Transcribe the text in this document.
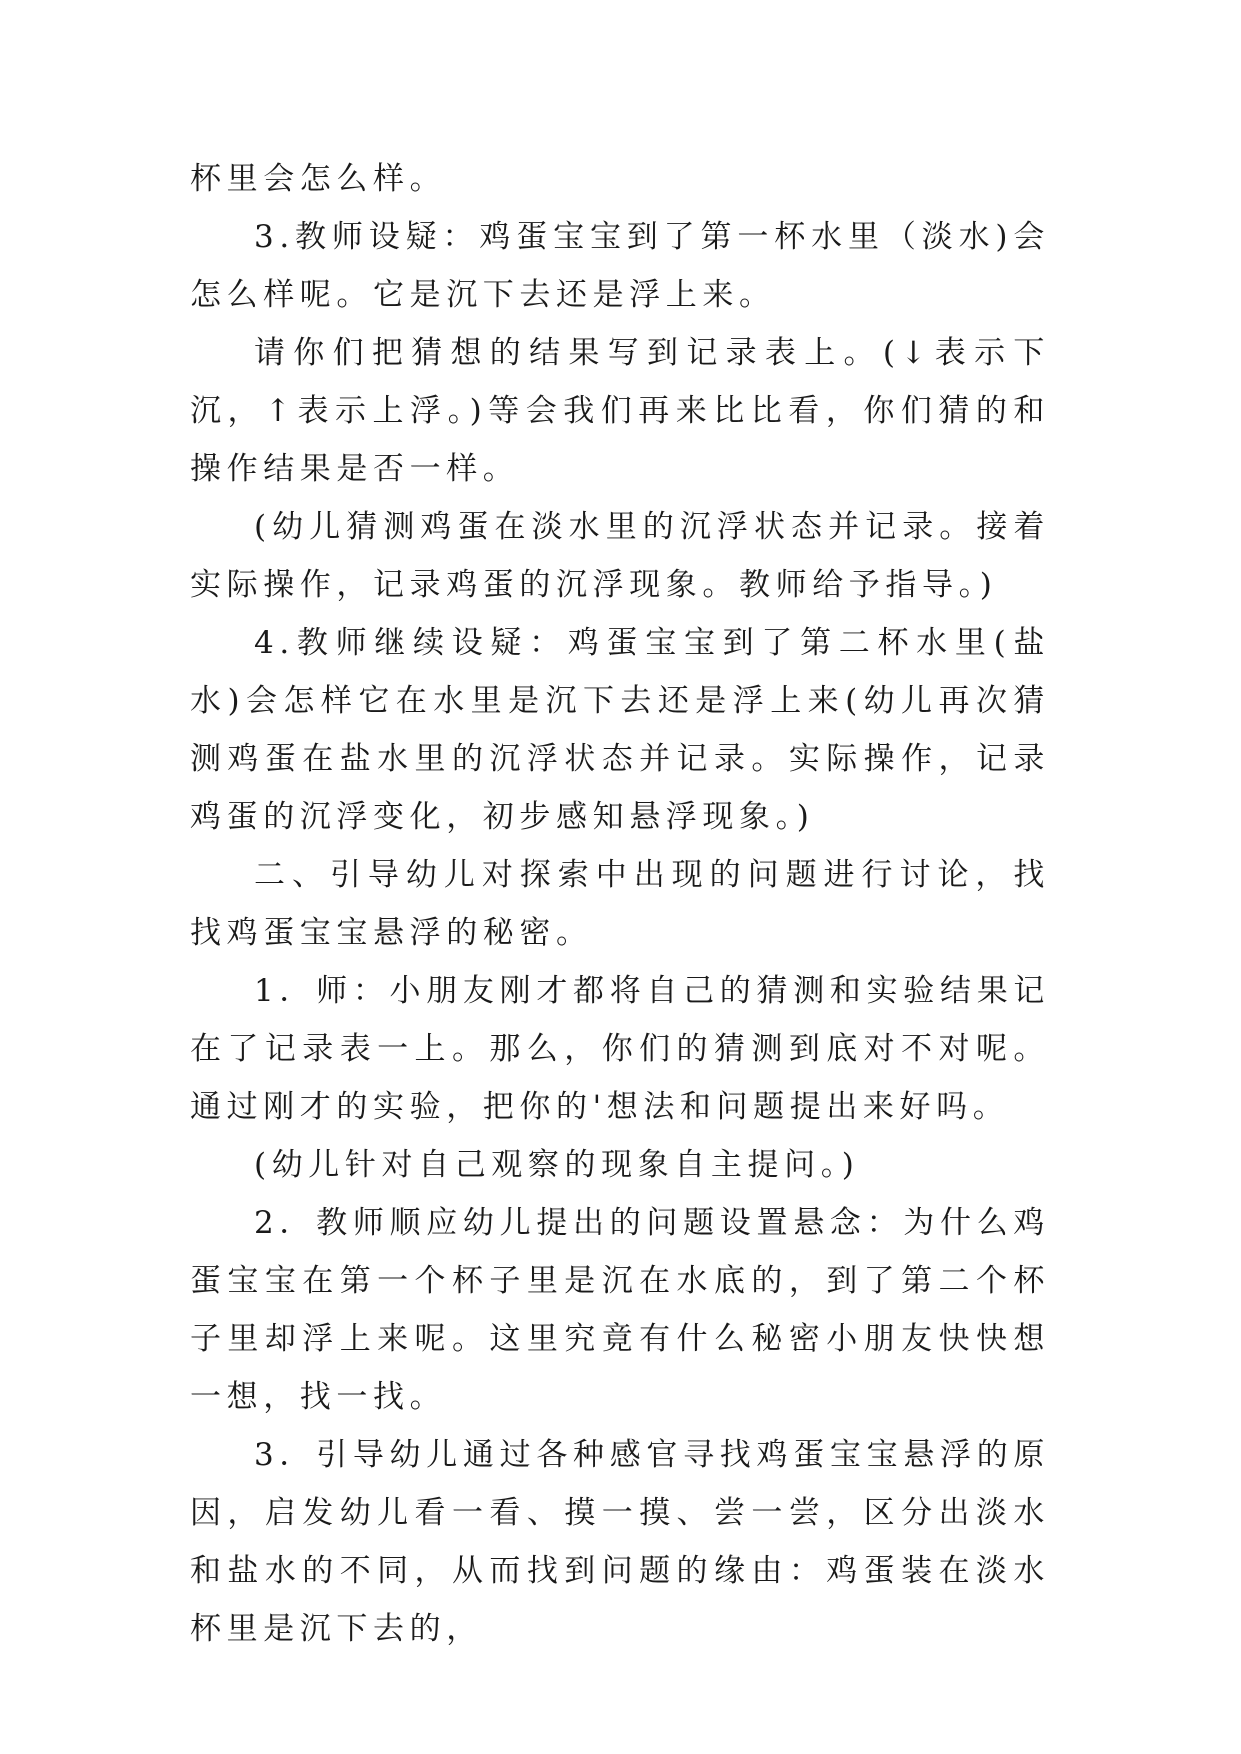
杯里会怎么样。

3.教师设疑：鸡蛋宝宝到了第一杯水里（淡水)会怎么样呢。它是沉下去还是浮上来。

请你们把猜想的结果写到记录表上。(↓表示下沉，↑表示上浮。)等会我们再来比比看，你们猜的和操作结果是否一样。

(幼儿猜测鸡蛋在淡水里的沉浮状态并记录。接着实际操作，记录鸡蛋的沉浮现象。教师给予指导。)

4.教师继续设疑：鸡蛋宝宝到了第二杯水里(盐水)会怎样它在水里是沉下去还是浮上来(幼儿再次猜测鸡蛋在盐水里的沉浮状态并记录。实际操作，记录鸡蛋的沉浮变化，初步感知悬浮现象。)

二、引导幼儿对探索中出现的问题进行讨论，找找鸡蛋宝宝悬浮的秘密。

1．师：小朋友刚才都将自己的猜测和实验结果记在了记录表一上。那么，你们的猜测到底对不对呢。通过刚才的实验，把你的'想法和问题提出来好吗。

(幼儿针对自己观察的现象自主提问。)

2．教师顺应幼儿提出的问题设置悬念：为什么鸡蛋宝宝在第一个杯子里是沉在水底的，到了第二个杯子里却浮上来呢。这里究竟有什么秘密小朋友快快想一想，找一找。

3．引导幼儿通过各种感官寻找鸡蛋宝宝悬浮的原因，启发幼儿看一看、摸一摸、尝一尝，区分出淡水和盐水的不同，从而找到问题的缘由：鸡蛋装在淡水杯里是沉下去的，
